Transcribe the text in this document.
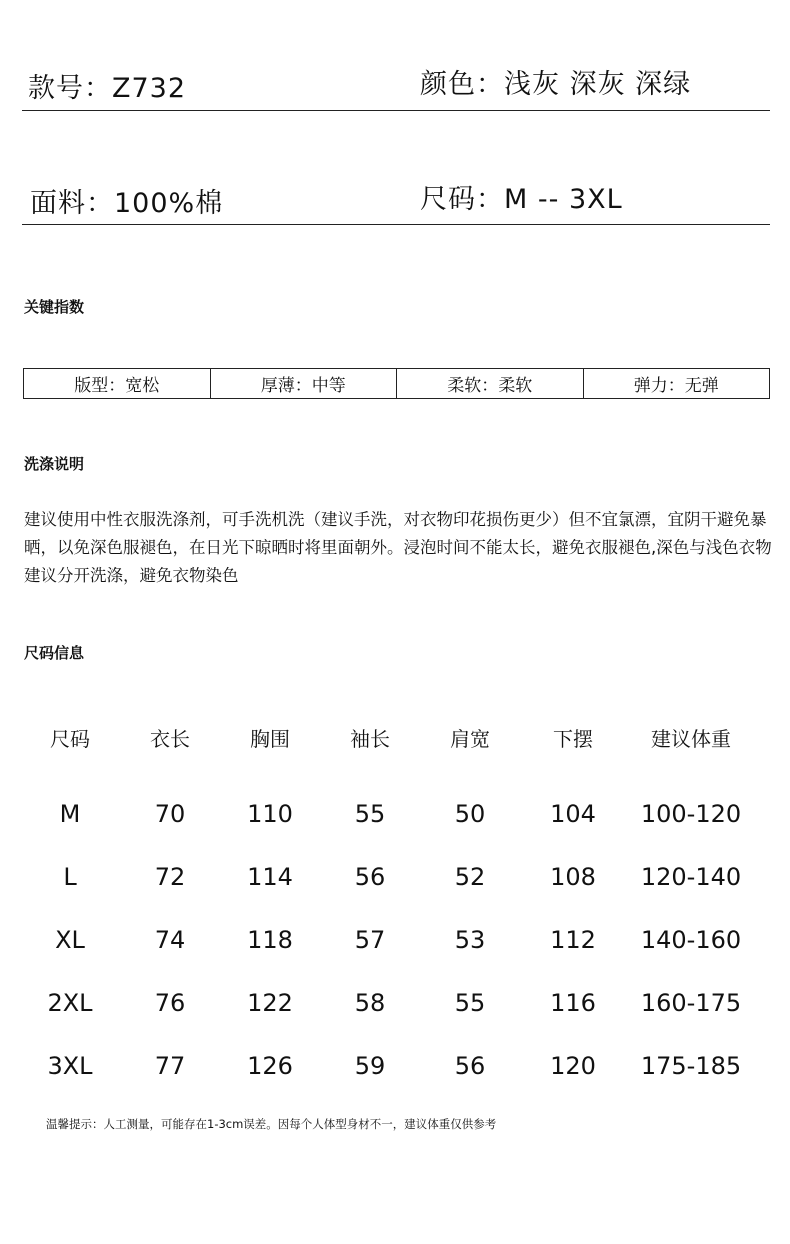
款号：Z732	颜色：浅灰 深灰 深绿
面料：100%棉	尺码：M -- 3XL
关键指数
版型：宽松	厚薄：中等	柔软：柔软	弹力：无弹
洗涤说明
建议使用中性衣服洗涤剂，可手洗机洗（建议手洗，对衣物印花损伤更少）但不宜氯漂，宜阴干避免暴晒，以免深色服褪色，在日光下晾晒时将里面朝外。浸泡时间不能太长，避免衣服褪色,深色与浅色衣物建议分开洗涤，避免衣物染色
尺码信息
尺码	衣长	胸围	袖长	肩宽	下摆	建议体重
M	70	110	55	50	104	100-120
L	72	114	56	52	108	120-140
XL	74	118	57	53	112	140-160
2XL	76	122	58	55	116	160-175
3XL	77	126	59	56	120	175-185
温馨提示：人工测量，可能存在1-3cm误差。因每个人体型身材不一，建议体重仅供参考
